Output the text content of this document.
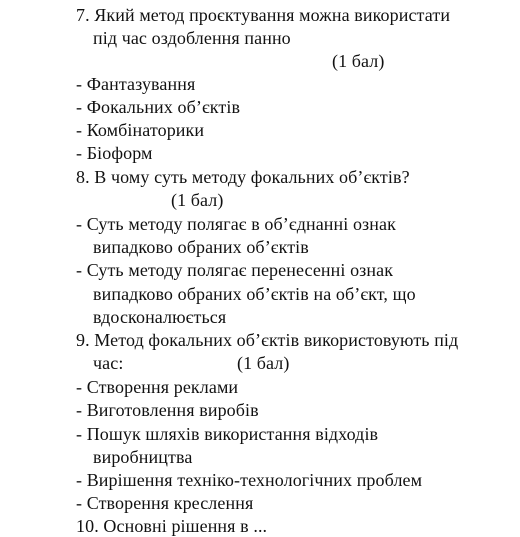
7. Який метод проєктування можна використати
під час оздоблення панно
(1 бал)
- Фантазування
- Фокальних об’єктів
- Комбінаторики
- Біоформ
8. В чому суть методу фокальних об’єктів?
(1 бал)
- Суть методу полягає в об’єднанні ознак
випадково обраних об’єктів
- Суть методу полягає перенесенні ознак
випадково обраних об’єктів на об’єкт, що
вдосконалюється
9. Метод фокальних об’єктів використовують під
час:	(1 бал)
- Створення реклами
- Виготовлення виробів
- Пошук шляхів використання відходів
виробництва
- Вирішення техніко-технологічних проблем
- Створення креслення
10. Основні рішення в ...
